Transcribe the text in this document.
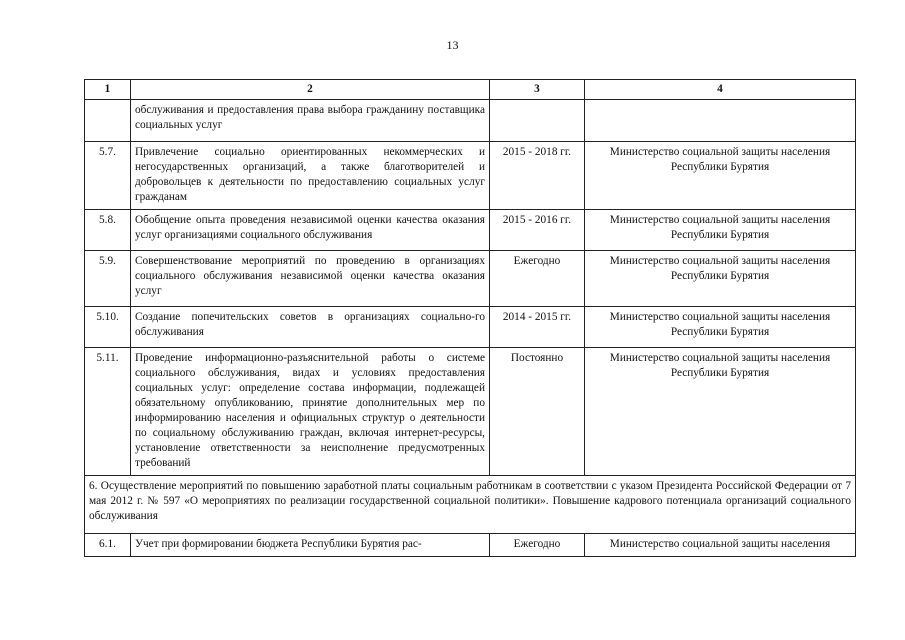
13
1	2	3	4
	обслуживания и предоставления права выбора гражданину поставщика социальных услуг		
5.7.	Привлечение социально ориентированных некоммерческих и негосударственных организаций, а также благотворителей и добровольцев к деятельности по предоставлению социальных услуг гражданам	2015 - 2018 гг.	Министерство социальной защиты населения Республики Бурятия
5.8.	Обобщение опыта проведения независимой оценки качества оказания услуг организациями социального обслуживания	2015 - 2016 гг.	Министерство социальной защиты населения Республики Бурятия
5.9.	Совершенствование мероприятий по проведению в организациях социального обслуживания независимой оценки качества оказания услуг	Ежегодно	Министерство социальной защиты населения Республики Бурятия
5.10.	Создание попечительских советов в организациях социально-го обслуживания	2014 - 2015 гг.	Министерство социальной защиты населения Республики Бурятия
5.11.	Проведение информационно-разъяснительной работы о системе социального обслуживания, видах и условиях предоставления социальных услуг: определение состава информации, подлежащей обязательному опубликованию, принятие дополнительных мер по информированию населения и официальных структур о деятельности по социальному обслуживанию граждан, включая интернет-ресурсы, установление ответственности за неисполнение предусмотренных требований	Постоянно	Министерство социальной защиты населения Республики Бурятия
6. Осуществление мероприятий по повышению заработной платы социальным работникам в соответствии с указом Президента Российской Федерации от 7 мая 2012 г. № 597 «О мероприятиях по реализации государственной социальной политики». Повышение кадрового потенциала организаций социального обслуживания			
6.1.	Учет при формировании бюджета Республики Бурятия рас-	Ежегодно	Министерство социальной защиты населения
